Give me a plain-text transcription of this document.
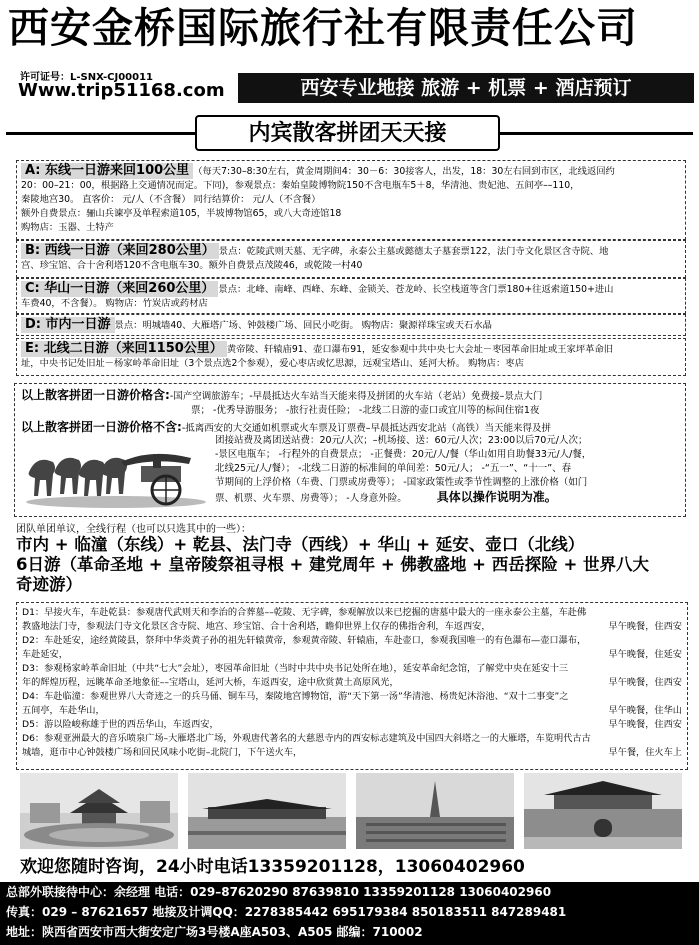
西安金桥国际旅行社有限责任公司
许可证号：L-SNX-CJ00011
Www.trip51168.com	西安专业地接 旅游 + 机票 + 酒店预订
内宾散客拼团天天接
A: 东线一日游来回100公里 （每天7:30–8:30左右，黄金周期间4：30－6：30接客人，出发，18：30左右回到市区，北线返回约
20：00–21：00，根据路上交通情况而定。下同)，参观景点：秦始皇陵博物院150不含电瓶车5＋8，华清池、贵妃池、五间亭––110，
秦陵地宫30。 直客价： 元/人（不含餐） 同行结算价： 元/人（不含餐）
额外自费景点：骊山兵谏亭及单程索道105，半坡博物馆65，或八大奇迹馆18
购物店：玉器、土特产
B: 西线一日游（来回280公里） 景点：乾陵武则天墓、无字碑，永泰公主墓或懿德太子墓套票122，法门寺文化景区含寺院、地
宫、珍宝馆、合十舍利塔120不含电瓶车30。额外自费景点茂陵46，或乾陵一村40
C: 华山一日游（来回260公里） 景点：北峰、南峰、西峰、东峰、金锁关、苍龙岭、长空栈道等含门票180+往返索道150+进山
车费40，不含餐）。 购物店：竹炭店或药材店
D: 市内一日游 景点：明城墙40、大雁塔广场、钟鼓楼广场、回民小吃街。 购物店：聚源祥珠宝或天石水晶
E: 北线二日游（来回1150公里） 黄帝陵、轩辕庙91、壶口瀑布91，延安参观中共中央七大会址－枣园革命旧址或王家坪革命旧
址，中央书记处旧址－杨家岭革命旧址（3个景点选2个参观），爱心枣店或忆思源，远观宝塔山、延河大桥。 购物店：枣店
以上散客拼团一日游价格含:-国产空调旅游车；-早晨抵达火车站当天能来得及拼团的火车站（老站）免费接–景点大门
票； -优秀导游服务； -旅行社责任险； -北线二日游的壶口或宜川等的标间住宿1夜
以上散客拼团一日游价格不含:-抵离西安的大交通如机票或火车票及订票费–早晨抵达西安北站（高铁）当天能来得及拼
团接站费及离团送站费：20元/人次；–机场接、送：60元/人次；23:00以后70元/人次；
-景区电瓶车； -行程外的自费景点； -正餐费：20元/人/餐（华山如用自助餐33元/人/餐，
北线25元/人/餐）； -北线二日游的标准间的单间差：50元/人； -“五一”、“十一”、春
节期间的上浮价格（车费、门票或房费等）； -国家政策性或季节性调整的上涨价格（如门
票、机票、火车票、房费等）； -人身意外险。	具体以操作说明为准。
团队单团单议，全线行程（也可以只选其中的一些）：
市内 + 临潼（东线）+ 乾县、法门寺（西线）+ 华山 + 延安、壶口（北线）
6日游（革命圣地 + 皇帝陵祭祖寻根 + 建党周年 + 佛教盛地 + 西岳探险 + 世界八大
奇迹游）
D1：早接火车，车赴乾县：参观唐代武则天和李治的合葬墓––乾陵、无字碑，参观解放以来已挖掘的唐墓中最大的一座永泰公主墓，车赴佛
教盛地法门寺，参观法门寺文化景区含寺院、地宫、珍宝馆、合十舍利塔，瞻仰世界上仅存的佛指舍利，车返西安，	早午晚餐，住西安
D2：车赴延安，途经黄陵县，祭拜中华炎黄子孙的祖先轩辕黄帝，参观黄帝陵、轩辕庙，车赴壶口，参观我国唯一的有色瀑布—壶口瀑布，
车赴延安，	早午晚餐，住延安
D3：参观杨家岭革命旧址（中共“七大”会址），枣园革命旧址（当时中共中央书记处所在地），延安革命纪念馆，了解党中央在延安十三
年的辉煌历程，远眺革命圣地象征––宝塔山，延河大桥，车返西安，途中欣赏黄土高原风光，	早午晚餐，住西安
D4：车赴临潼：参观世界八大奇迹之一的兵马俑、铜车马，秦陵地宫博物馆，游“天下第一汤”华清池、杨贵妃沐浴池、“双十二事变”之
五间亭，车赴华山，	早午晚餐，住华山
D5：游以险峻称雄于世的西岳华山，车返西安，	早午晚餐，住西安
D6：参观亚洲最大的音乐喷泉广场–大雁塔北广场，外观唐代著名的大慈恩寺内的西安标志建筑及中国四大斜塔之一的大雁塔，车览明代古古
城墙，逛市中心钟鼓楼广场和回民风味小吃街–北院门，下午送火车，	早午餐，住火车上
欢迎您随时咨询，24小时电话13359201128，13060402960
总部外联接待中心：余经理 电话：029–87620290 87639810 13359201128 13060402960
传真：029 – 87621657 地接及计调QQ：2278385442 695179384 850183511 847289481
地址：陕西省西安市西大街安定广场3号楼A座A503、A505 邮编：710002
